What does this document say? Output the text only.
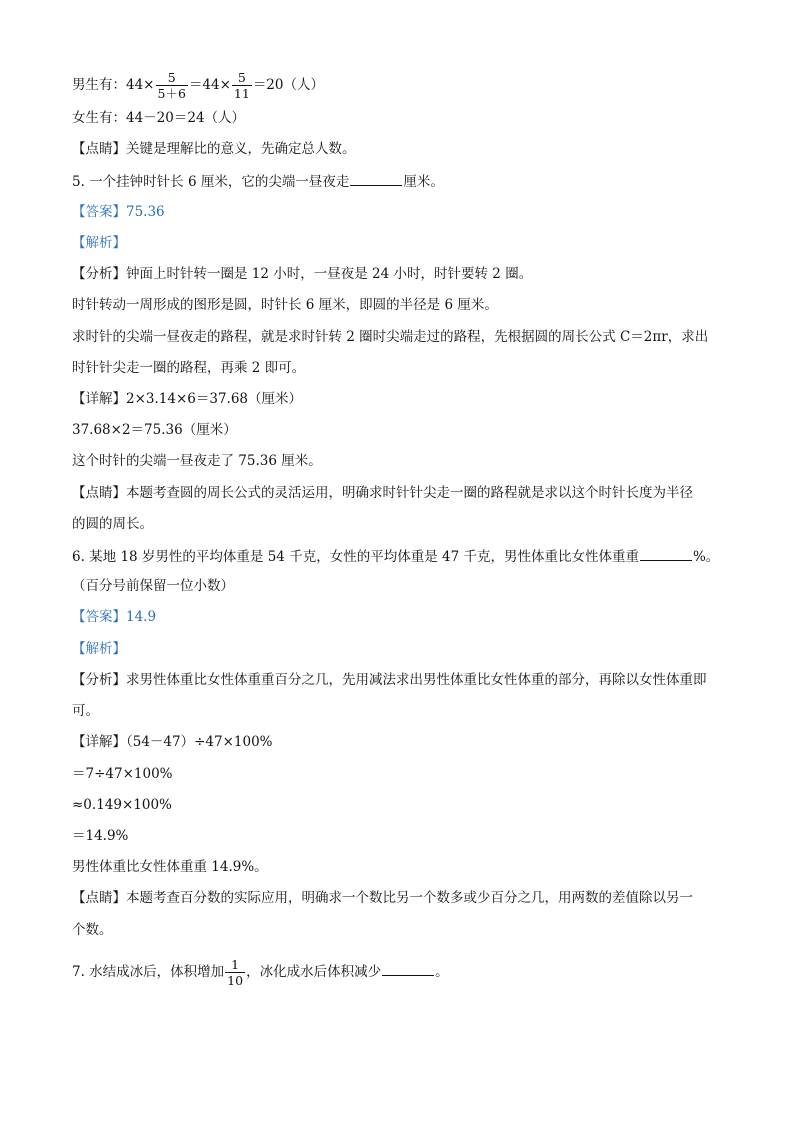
男生有：$44\times \frac{5}{5+6} =44\times \frac{5}{11} =20$（人）
女生有：44－20＝24（人）
【点睛】关键是理解比的意义，先确定总人数。
5. 一个挂钟时针长 6 厘米，它的尖端一昼夜走	厘米。
【答案】75.36
【解析】
【分析】钟面上时针转一圈是 12 小时，一昼夜是 24 小时，时针要转 2 圈。
时针转动一周形成的图形是圆，时针长 6 厘米，即圆的半径是 6 厘米。
求时针的尖端一昼夜走的路程，就是求时针转 2 圈时尖端走过的路程，先根据圆的周长公式 C＝2πr，求出
时针针尖走一圈的路程，再乘 2 即可。
【详解】2×3.14×6＝37.68（厘米）
37.68×2＝75.36（厘米）
这个时针的尖端一昼夜走了 75.36 厘米。
【点睛】本题考查圆的周长公式的灵活运用，明确求时针针尖走一圈的路程就是求以这个时针长度为半径
的圆的周长。
6. 某地 18 岁男性的平均体重是 54 千克，女性的平均体重是 47 千克，男性体重比女性体重重	%。
（百分号前保留一位小数）
【答案】14.9
【解析】
【分析】求男性体重比女性体重重百分之几，先用减法求出男性体重比女性体重的部分，再除以女性体重即
可。
【详解】（54－47）÷47×100%
＝7÷47×100%
≈0.149×100%
＝14.9%
男性体重比女性体重重 14.9%。
【点睛】本题考查百分数的实际应用，明确求一个数比另一个数多或少百分之几，用两数的差值除以另一
个数。
7. 水结成冰后，体积增加 $\frac{1}{10}$ ，冰化成水后体积减少	。
